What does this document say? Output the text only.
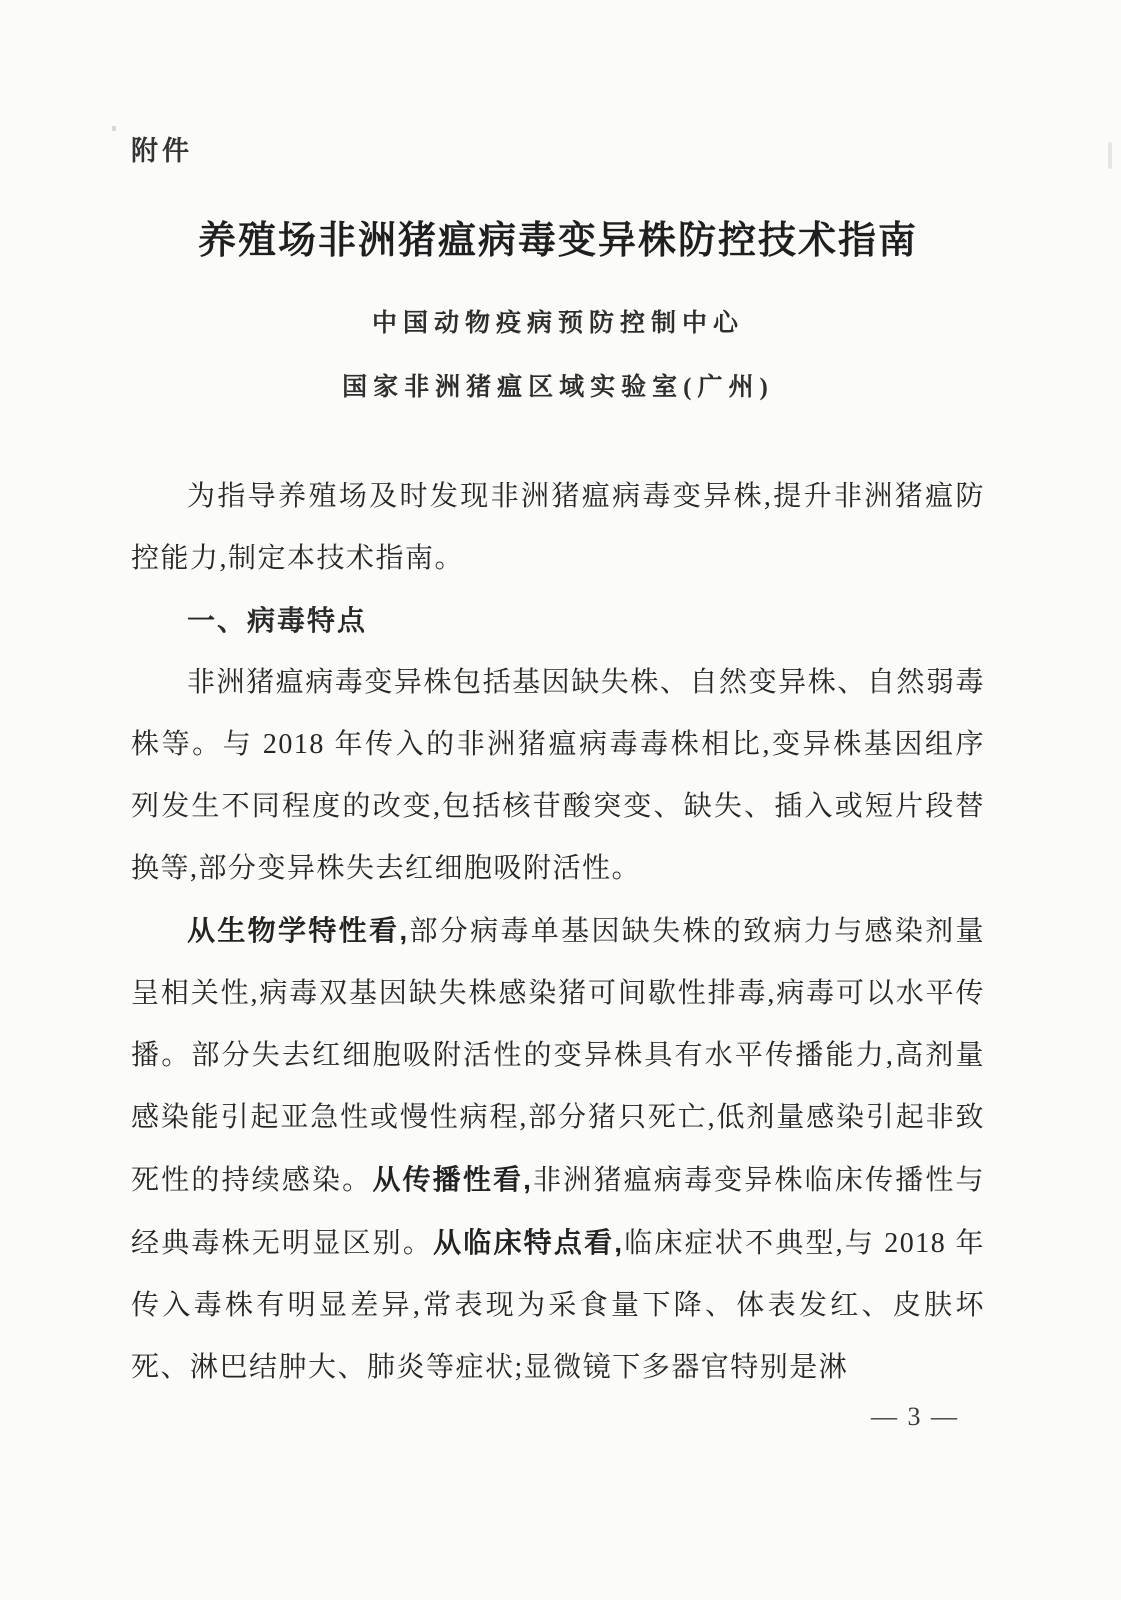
附件
养殖场非洲猪瘟病毒变异株防控技术指南
中国动物疫病预防控制中心
国家非洲猪瘟区域实验室(广州)

为指导养殖场及时发现非洲猪瘟病毒变异株,提升非洲猪瘟防控能力,制定本技术指南。

一、病毒特点

非洲猪瘟病毒变异株包括基因缺失株、自然变异株、自然弱毒株等。与 2018 年传入的非洲猪瘟病毒毒株相比,变异株基因组序列发生不同程度的改变,包括核苷酸突变、缺失、插入或短片段替换等,部分变异株失去红细胞吸附活性。

从生物学特性看,部分病毒单基因缺失株的致病力与感染剂量呈相关性,病毒双基因缺失株感染猪可间歇性排毒,病毒可以水平传播。部分失去红细胞吸附活性的变异株具有水平传播能力,高剂量感染能引起亚急性或慢性病程,部分猪只死亡,低剂量感染引起非致死性的持续感染。从传播性看,非洲猪瘟病毒变异株临床传播性与经典毒株无明显区别。从临床特点看,临床症状不典型,与 2018 年传入毒株有明显差异,常表现为采食量下降、体表发红、皮肤坏死、淋巴结肿大、肺炎等症状;显微镜下多器官特别是淋

— 3 —
